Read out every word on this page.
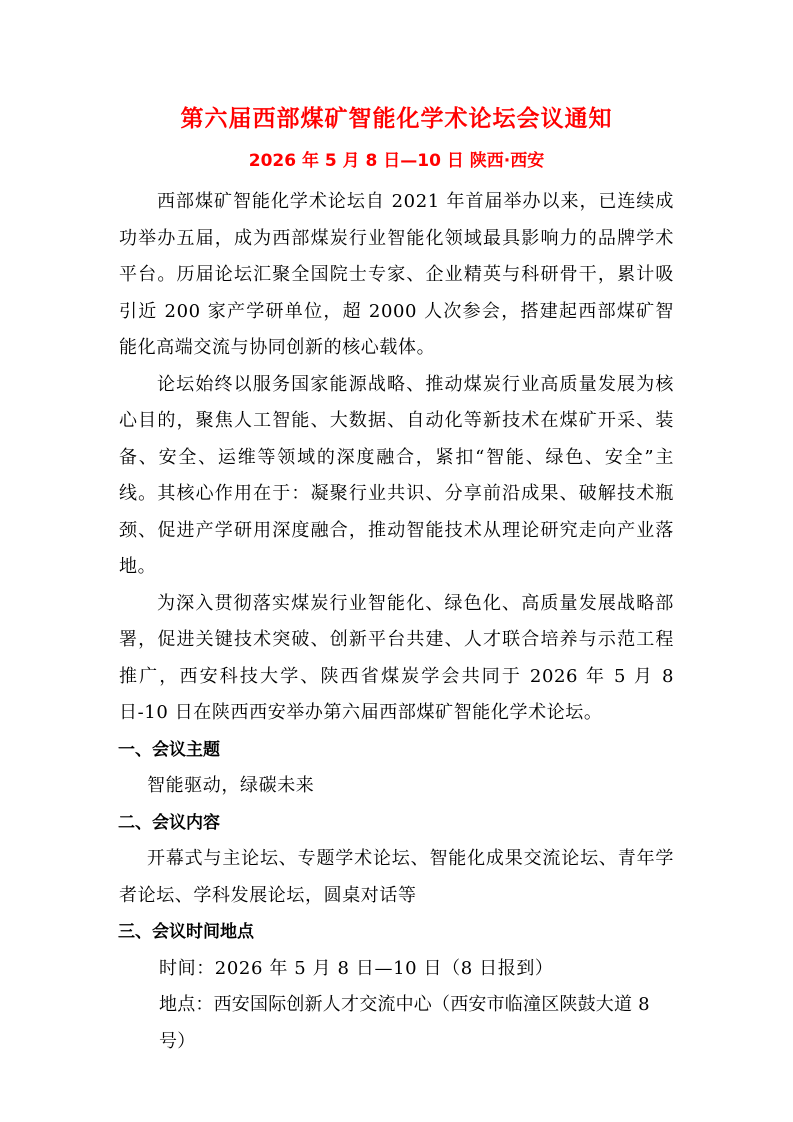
第六届西部煤矿智能化学术论坛会议通知
2026 年 5 月 8 日—10 日 陕西·西安

西部煤矿智能化学术论坛自 2021 年首届举办以来，已连续成功举办五届，成为西部煤炭行业智能化领域最具影响力的品牌学术平台。历届论坛汇聚全国院士专家、企业精英与科研骨干，累计吸引近 200 家产学研单位，超 2000 人次参会，搭建起西部煤矿智能化高端交流与协同创新的核心载体。

论坛始终以服务国家能源战略、推动煤炭行业高质量发展为核心目的，聚焦人工智能、大数据、自动化等新技术在煤矿开采、装备、安全、运维等领域的深度融合，紧扣“智能、绿色、安全”主线。其核心作用在于：凝聚行业共识、分享前沿成果、破解技术瓶颈、促进产学研用深度融合，推动智能技术从理论研究走向产业落地。

为深入贯彻落实煤炭行业智能化、绿色化、高质量发展战略部署，促进关键技术突破、创新平台共建、人才联合培养与示范工程推广，西安科技大学、陕西省煤炭学会共同于 2026 年 5 月 8 日-10 日在陕西西安举办第六届西部煤矿智能化学术论坛。

一、会议主题

智能驱动，绿碳未来

二、会议内容

开幕式与主论坛、专题学术论坛、智能化成果交流论坛、青年学者论坛、学科发展论坛，圆桌对话等

三、会议时间地点

时间：2026 年 5 月 8 日—10 日（8 日报到）

地点：西安国际创新人才交流中心（西安市临潼区陕鼓大道 8 号）
